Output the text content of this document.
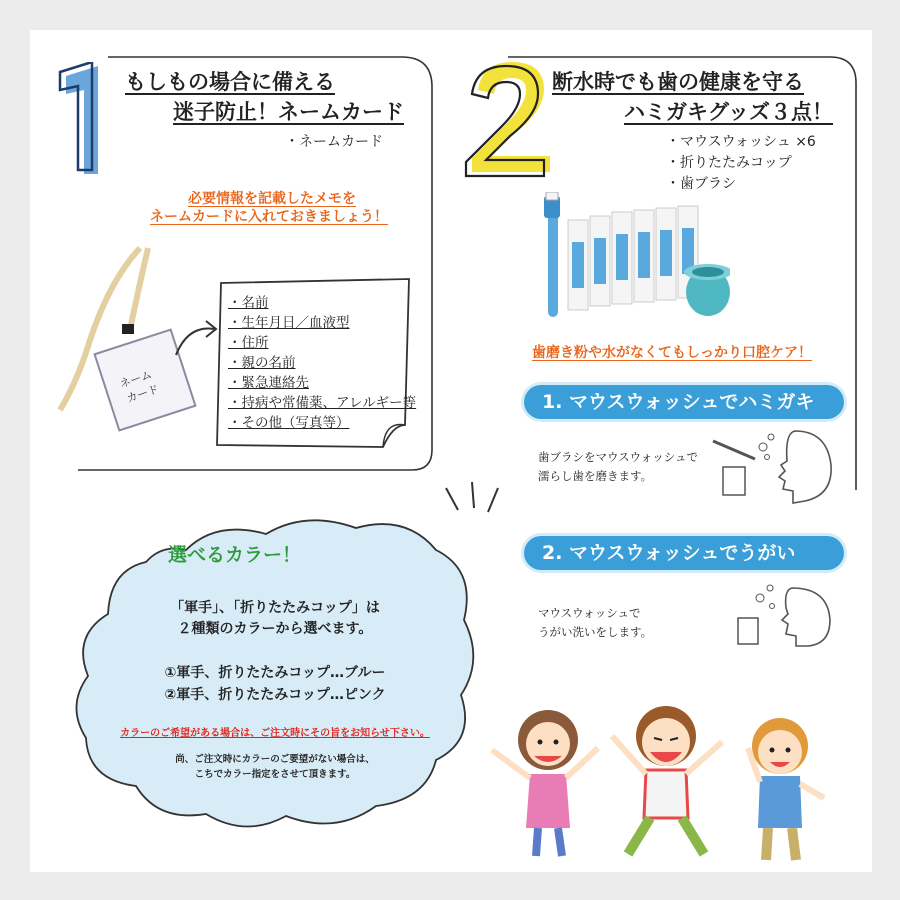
もしもの場合に備える
迷子防止！ネームカード
・ネームカード
必要情報を記載したメモを
ネームカードに入れておきましょう！
ネーム
カード
・名前
・生年月日／血液型
・住所
・親の名前
・緊急連絡先
・持病や常備薬、アレルギー等
・その他（写真等）
断水時でも歯の健康を守る
ハミガキグッズ３点！
・マウスウォッシュ ×6
・折りたたみコップ
・歯ブラシ
歯磨き粉や水がなくてもしっかり口腔ケア！
1. マウスウォッシュでハミガキ
歯ブラシをマウスウォッシュで
濡らし歯を磨きます。
2. マウスウォッシュでうがい
マウスウォッシュで
うがい洗いをします。
選べるカラー！
「軍手」、「折りたたみコップ」は
２種類のカラーから選べます。
①軍手、折りたたみコップ…ブルー
②軍手、折りたたみコップ…ピンク
カラーのご希望がある場合は、ご注文時にその旨をお知らせ下さい。
尚、ご注文時にカラーのご要望がない場合は、
こちでカラー指定をさせて頂きます。
